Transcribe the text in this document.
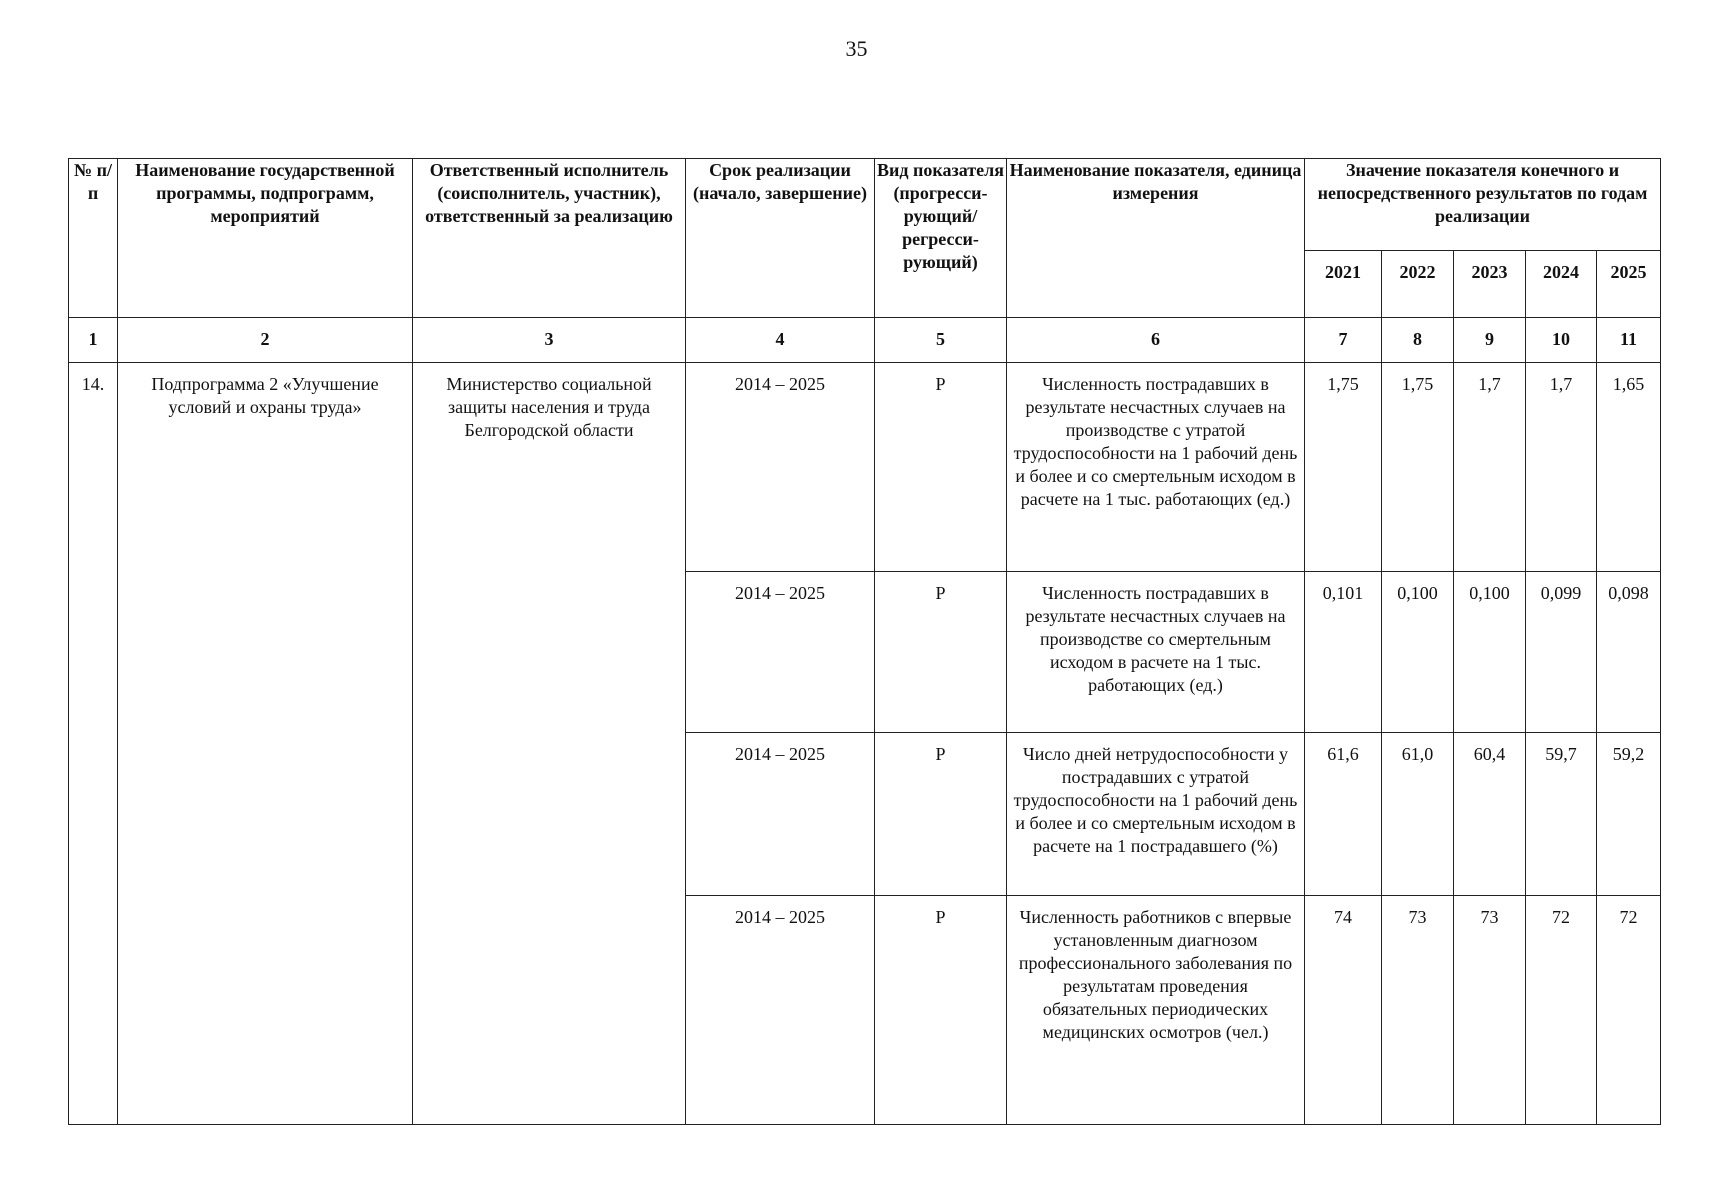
35
№ п/п	Наименование государственной программы, подпрограмм, мероприятий	Ответственный исполнитель (соисполнитель, участник), ответственный за реализацию	Срок реализации (начало, завершение)	Вид показателя (прогресси-рующий/ регресси-рующий)	Наименование показателя, единица измерения	Значение показателя конечного и непосредственного результатов по годам реализации				
						2021	2022	2023	2024	2025
1	2	3	4	5	6	7	8	9	10	11
14.	Подпрограмма 2 «Улучшение условий и охраны труда»	Министерство социальной защиты населения и труда Белгородской области	2014 – 2025	Р	Численность пострадавших в результате несчастных случаев на производстве с утратой трудоспособности на 1 рабочий день и более и со смертельным исходом в расчете на 1 тыс. работающих (ед.)	1,75	1,75	1,7	1,7	1,65
			2014 – 2025	Р	Численность пострадавших в результате несчастных случаев на производстве со смертельным исходом в расчете на 1 тыс. работающих (ед.)	0,101	0,100	0,100	0,099	0,098
			2014 – 2025	Р	Число дней нетрудоспособности у пострадавших с утратой трудоспособности на 1 рабочий день и более и со смертельным исходом в расчете на 1 пострадавшего (%)	61,6	61,0	60,4	59,7	59,2
			2014 – 2025	Р	Численность работников с впервые установленным диагнозом профессионального заболевания по результатам проведения обязательных периодических медицинских осмотров (чел.)	74	73	73	72	72
